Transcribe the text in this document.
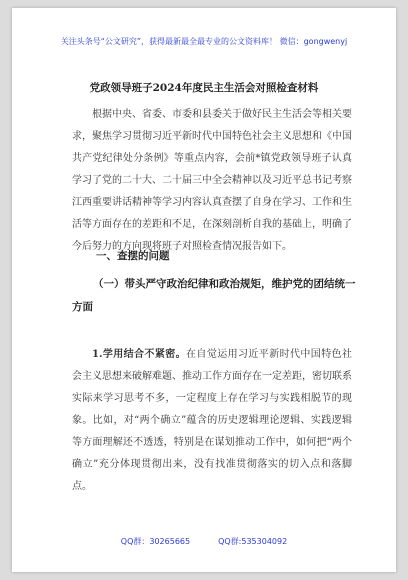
关注头条号“公文研究”，获得最新最全最专业的公文资料库！ 微信：gongwenyj
党政领导班子2024年度民主生活会对照检查材料

根据中央、省委、市委和县委关于做好民主生活会等相关要求，聚焦学习贯彻习近平新时代中国特色社会主义思想和《中国共产党纪律处分条例》等重点内容，会前*镇党政领导班子认真学习了党的二十大、二十届三中全会精神以及习近平总书记考察江西重要讲话精神等学习内容认真查摆了自身在学习、工作和生活等方面存在的差距和不足，在深刻剖析自我的基础上，明确了今后努力的方向现将班子对照检查情况报告如下。

一、查摆的问题
（一）带头严守政治纪律和政治规矩，维护党的团结统一方面

1.学用结合不紧密。在自觉运用习近平新时代中国特色社会主义思想来破解难题、推动工作方面存在一定差距，密切联系实际来学习思考不多，一定程度上存在学习与实践相脱节的现象。比如，对“两个确立”蕴含的历史逻辑理论逻辑、实践逻辑等方面理解还不透透，特别是在谋划推动工作中，如何把“两个确立”充分体现贯彻出来，没有找准贯彻落实的切入点和落脚点。

QQ群：30265665	QQ群:535304092
